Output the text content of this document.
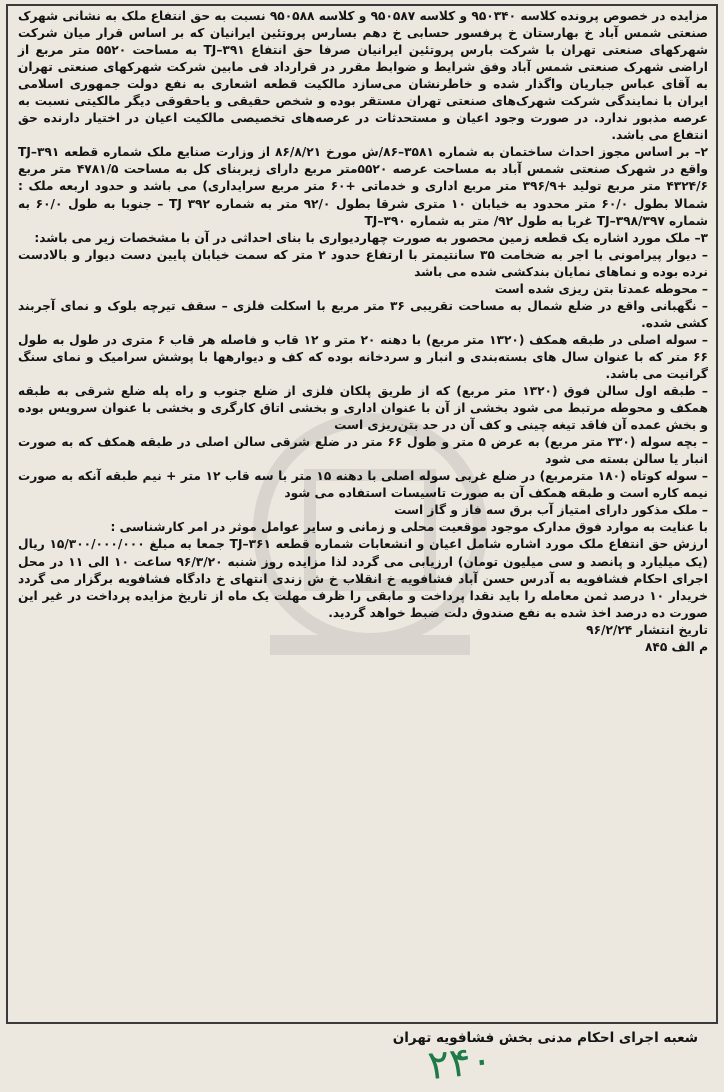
مزایده در خصوص پرونده کلاسه ۹۵۰۳۴۰ و کلاسه ۹۵۰۵۸۷ و کلاسه ۹۵۰۵۸۸ نسبت به حق انتفاع ملک به نشانی شهرک صنعتی شمس آباد خ بهارستان خ پرفسور حسابی خ دهم بسارس پروتئین ایرانیان که بر اساس قرار میان شرکت شهرکهای صنعتی تهران با شرکت بارس پروتئین ایرانیان صرفا حق انتفاع ۳۹۱–TJ به مساحت ۵۵۲۰ متر مربع از اراضی شهرک صنعتی شمس آباد وفق شرایط و ضوابط مقرر در قرارداد فی مابین شرکت شهرکهای صنعتی تهران به آقای عباس جباریان واگذار شده و خاطرنشان می‌سازد مالکیت قطعه اشعاری به نفع دولت جمهوری اسلامی ایران با نمایندگی شرکت شهرک‌های صنعتی تهران مستقر بوده و شخص حقیقی و یاحقوقی دیگر مالکیتی نسبت به عرصه مذبور ندارد. در صورت وجود اعیان و مستحدثات در عرصه‌های تخصیصی مالکیت اعیان در اختیار دارنده حق انتفاع می باشد.

۲– بر اساس مجوز احداث ساختمان به شماره ۳۵۸۱–۸۶/ش مورخ ۸۶/۸/۲۱ از وزارت صنایع ملک شماره قطعه ۳۹۱–TJ واقع در شهرک صنعتی شمس آباد به مساحت عرصه ۵۵۲۰متر مربع دارای زیربنای کل به مساحت ۴۷۸۱/۵ متر مربع ۴۳۲۴/۶ متر مربع تولید +۳۹۶/۹ متر مربع اداری و خدماتی +۶۰ متر مربع سرایداری) می باشد و حدود اربعه ملک : شمالا بطول ۶۰/۰ متر محدود به خیابان ۱۰ متری شرقا بطول ۹۲/۰ متر به شماره ۳۹۲ TJ – جنوبا به طول ۶۰/۰ به شماره ۳۹۸/۳۹۷–TJ غربا به طول ۹۲/ متر به شماره ۳۹۰–TJ

۳– ملک مورد اشاره یک قطعه زمین محصور به صورت چهاردیواری با بنای احداثی در آن با مشخصات زیر می باشد:

– دیوار پیرامونی با اجر به ضخامت ۳۵ سانتیمتر با ارتفاع حدود ۲ متر که سمت خیابان پایین دست دیوار و بالادست نرده بوده و نماهای نمایان بندکشی شده می باشد

– محوطه عمدتا بتن ریزی شده است

– نگهبانی واقع در ضلع شمال به مساحت تقریبی ۳۶ متر مربع با اسکلت فلزی – سقف تیرچه بلوک و نمای آجربند کشی شده.

– سوله اصلی در طبقه همکف (۱۳۲۰ متر مربع) با دهنه ۲۰ متر و ۱۲ قاب و فاصله هر قاب ۶ متری در طول به طول ۶۶ متر که با عنوان سال های بسته‌بندی و انبار و سردخانه بوده که کف و دیوارهها با پوشش سرامیک و نمای سنگ گرانیت می باشد.

– طبقه اول سالن فوق (۱۳۲۰ متر مربع) که از طریق پلکان فلزی از ضلع جنوب و راه پله ضلع شرقی به طبقه همکف و محوطه مرتبط می شود بخشی از آن با عنوان اداری و بخشی اتاق کارگری و بخشی با عنوان سرویس بوده و بخش عمده آن فاقد تیغه چینی و کف آن در حد بتن‌ریزی است

– بچه سوله (۳۳۰ متر مربع) به عرض ۵ متر و طول ۶۶ متر در ضلع شرقی سالن اصلی در طبقه همکف که به صورت انبار یا سالن بسته می شود

– سوله کوتاه (۱۸۰ مترمربع) در ضلع غربی سوله اصلی با دهنه ۱۵ متر با سه قاب ۱۲ متر + نیم طبقه آنکه به صورت نیمه کاره است و طبقه همکف آن به صورت تاسیسات استفاده می شود

– ملک مذکور دارای امتیاز آب برق سه فاز و گاز است

با عنایت به موارد فوق مدارک موجود موقعیت محلی و زمانی و سایر عوامل موثر در امر کارشناسی :

ارزش حق انتفاع ملک مورد اشاره شامل اعیان و انشعابات شماره قطعه ۳۶۱–TJ جمعا به مبلغ ۱۵/۳۰۰/۰۰۰/۰۰۰ ریال (یک میلیارد و پانصد و سی میلیون تومان) ارزیابی می گردد لذا مزایده روز شنبه ۹۶/۳/۲۰ ساعت ۱۰ الی ۱۱ در محل اجرای احکام فشافویه به آدرس حسن آباد فشافویه خ انقلاب خ ش زندی انتهای خ دادگاه فشافویه برگزار می گردد خریدار ۱۰ درصد ثمن معامله را باید نقدا پرداخت و مابقی را ظرف مهلت یک ماه از تاریخ مزایده پرداخت در غیر این صورت ده درصد اخذ شده به نفع صندوق دلت ضبط خواهد گردید.

تاریخ انتشار ۹۶/۲/۲۴

م الف ۸۴۵

شعبه اجرای احکام مدنی بخش فشافویه تهران
۲۴۰
